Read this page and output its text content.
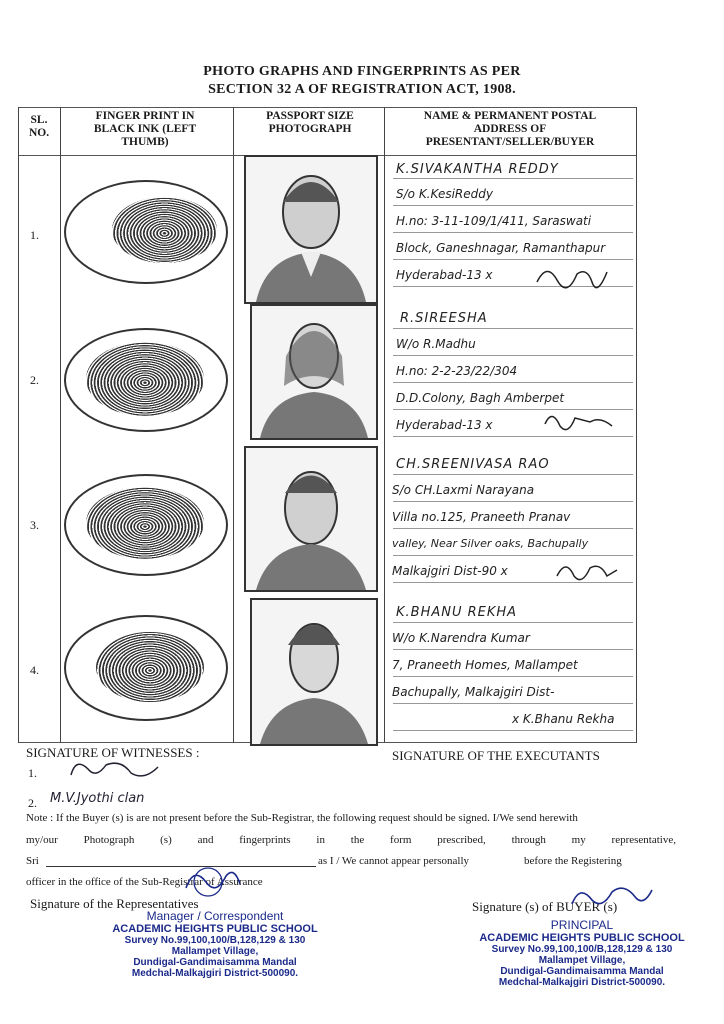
PHOTO GRAPHS AND FINGERPRINTS AS PER
SECTION 32 A OF REGISTRATION ACT, 1908.
SL. NO.
FINGER PRINT IN BLACK INK (LEFT THUMB)
PASSPORT SIZE PHOTOGRAPH
NAME & PERMANENT POSTAL ADDRESS OF PRESENTANT/SELLER/BUYER
1.
K.SIVAKANTHA REDDY
S/o K.KesiReddy
H.no: 3-11-109/1/411, Saraswati
Block, Ganeshnagar, Ramanthapur
Hyderabad-13 x
2.
R.SIREESHA
W/o R.Madhu
H.no: 2-2-23/22/304
D.D.Colony, Bagh Amberpet
Hyderabad-13 x
3.
CH.SREENIVASA RAO
S/o CH.Laxmi Narayana
Villa no.125, Praneeth Pranav
valley, Near Silver oaks, Bachupally
Malkajgiri Dist-90 x
4.
K.BHANU REKHA
W/o K.Narendra Kumar
7, Praneeth Homes, Mallampet
Bachupally, Malkajgiri Dist-
x K.Bhanu Rekha
SIGNATURE OF WITNESSES :	SIGNATURE OF THE EXECUTANTS
1.
2. M.V.Jyothi clan
Note : If the Buyer (s) is are not present before the Sub-Registrar, the following request should be signed. I/We send herewith
my/our Photograph (s) and fingerprints in the form prescribed, through my representative,
Sri	as I / We cannot appear personally	before the Registering
officer in the office of the Sub-Registrar of Assurance
Signature of the Representatives	Signature (s) of BUYER (s)
Manager / Correspondent
ACADEMIC HEIGHTS PUBLIC SCHOOL
Survey No.99,100,100/B,128,129 & 130
Mallampet Village,
Dundigal-Gandimaisamma Mandal
Medchal-Malkajgiri District-500090.
PRINCIPAL
ACADEMIC HEIGHTS PUBLIC SCHOOL
Survey No.99,100,100/B,128,129 & 130
Mallampet Village,
Dundigal-Gandimaisamma Mandal
Medchal-Malkajgiri District-500090.
